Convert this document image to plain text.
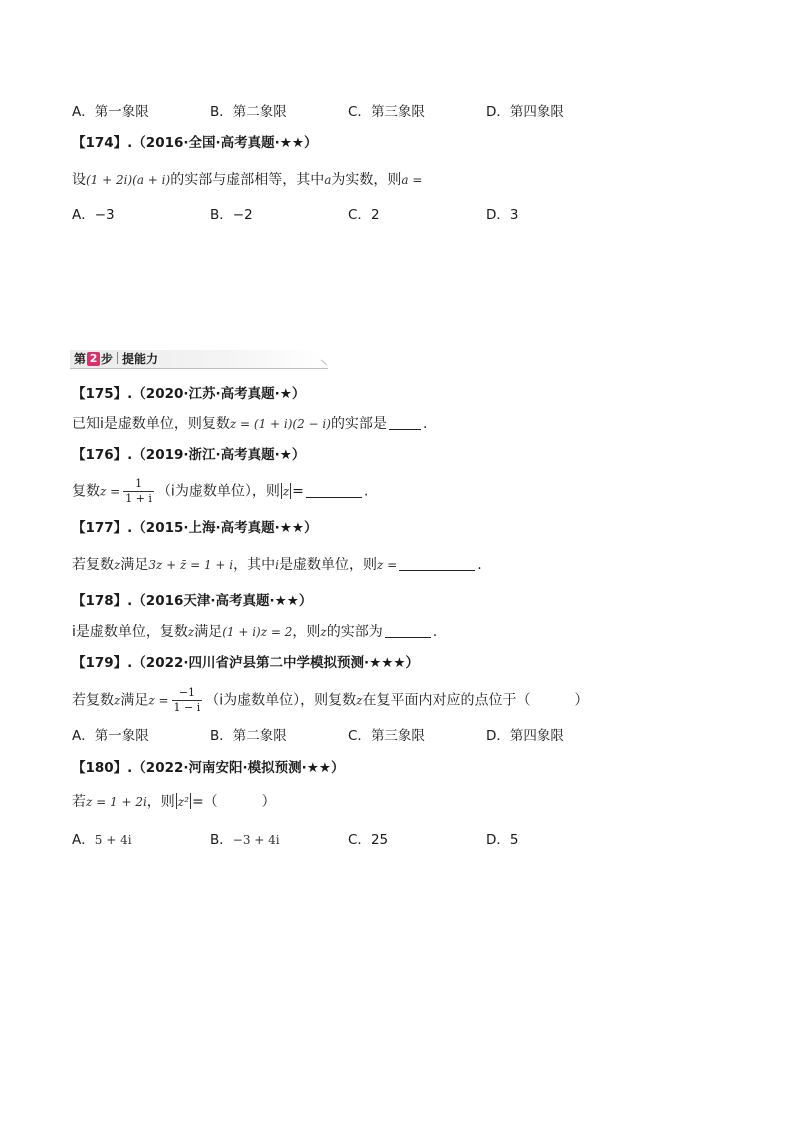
A．第一象限	B．第二象限	C．第三象限	D．第四象限
【174】.（2016·全国·高考真题·★★）
设(1 + 2i)(a + i)的实部与虚部相等，其中a为实数，则a =
A．−3	B．−2	C．2	D．3
第 2 步 提能力
【175】.（2020·江苏·高考真题·★）
已知i是虚数单位，则复数z = (1 + i)(2 − i)的实部是	.
【176】.（2019·浙江·高考真题·★）
复数$z = \frac{1}{1 + i} (i$为虚数单位），则 z =	.
【177】.（2015·上海·高考真题·★★）
若复数z满足3z + z̄ = 1 + i，其中i是虚数单位，则z =	.
【178】.（2016天津·高考真题·★★）
i是虚数单位，复数z满足(1 + i)z = 2，则z的实部为	.
【179】.（2022·四川省泸县第二中学模拟预测·★★★）
若复数z满足$z = \frac{-1}{1 - i} (i$为虚数单位），则复数z在复平面内对应的点位于（	）
A．第一象限	B．第二象限	C．第三象限	D．第四象限
【180】.（2022·河南安阳·模拟预测·★★）
若z = 1 + 2i，则 z² =（	）
A．5 + 4i	B．−3 + 4i	C．25	D．5
